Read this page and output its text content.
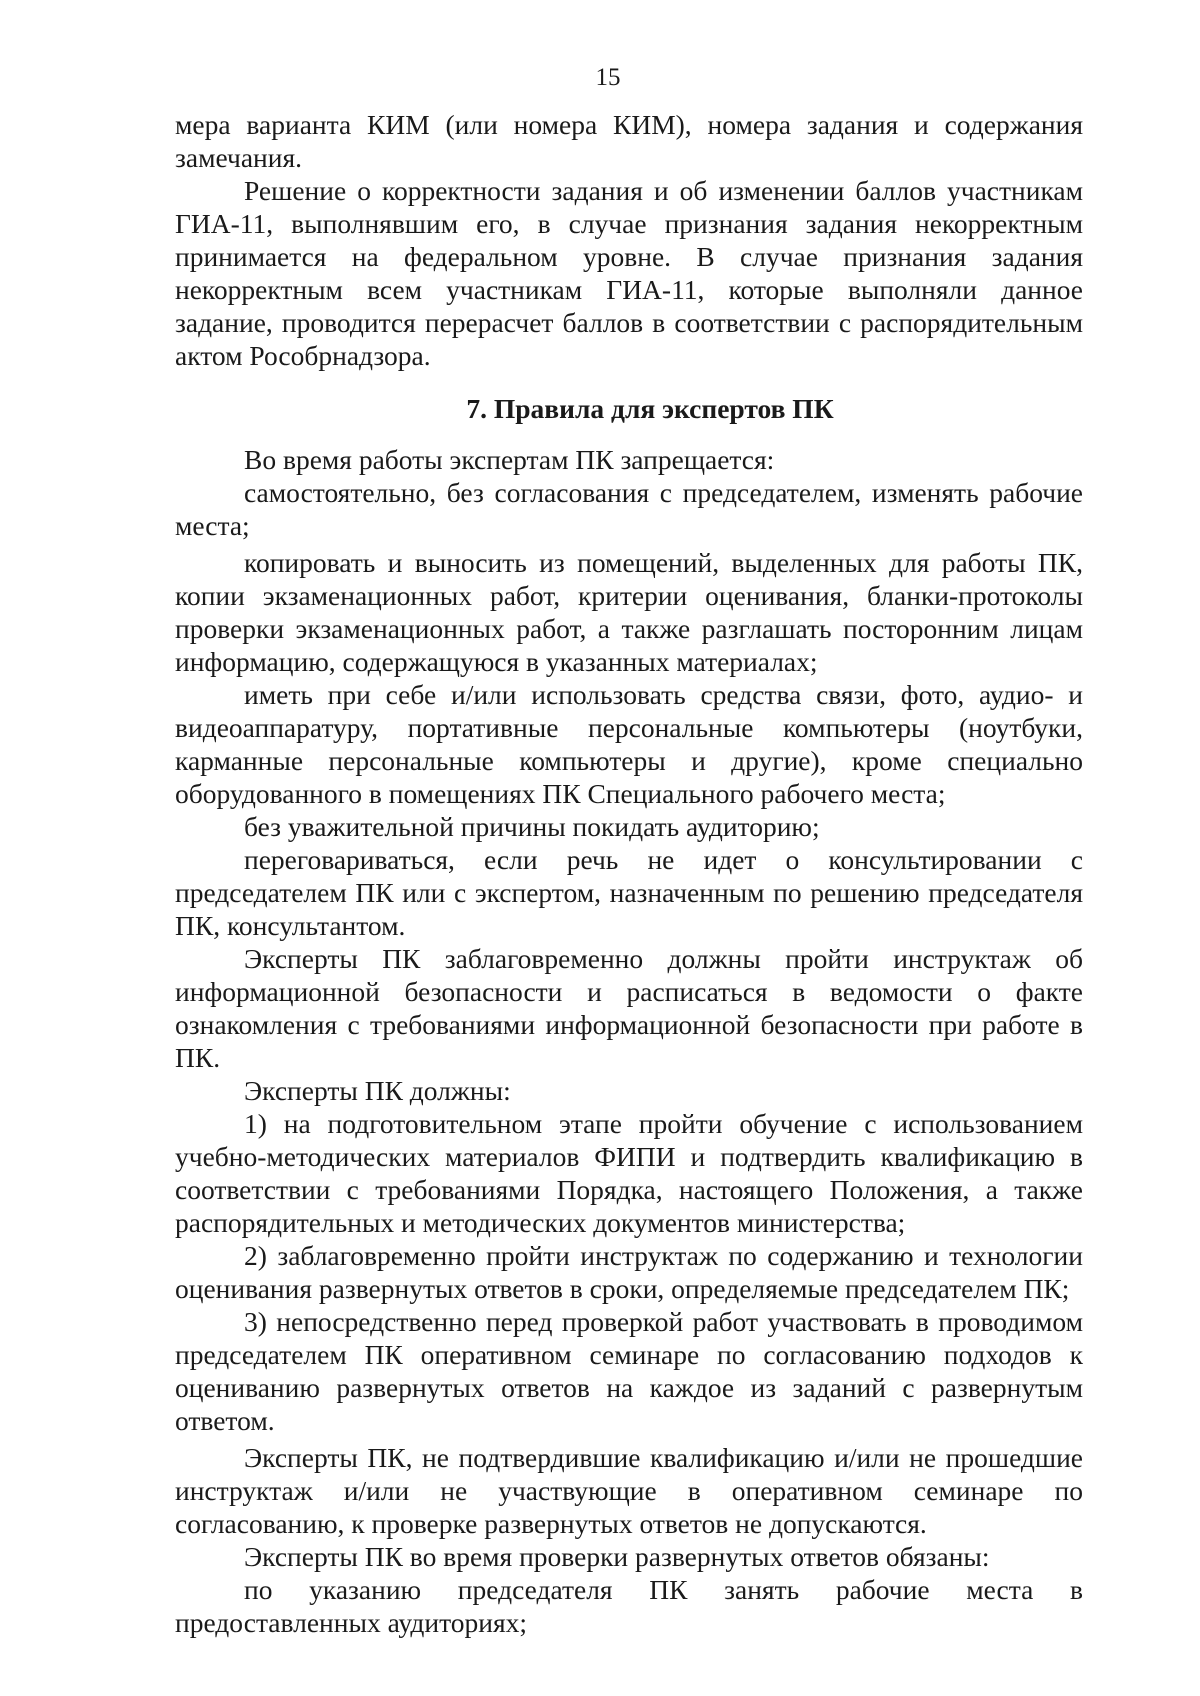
15

мера варианта КИМ (или номера КИМ), номера задания и содержания замечания.

Решение о корректности задания и об изменении баллов участникам ГИА-11, выполнявшим его, в случае признания задания некорректным принимается на федеральном уровне. В случае признания задания некорректным всем участникам ГИА-11, которые выполняли данное задание, проводится перерасчет баллов в соответствии с распорядительным актом Рособрнадзора.

7. Правила для экспертов ПК

Во время работы экспертам ПК запрещается:

самостоятельно, без согласования с председателем, изменять рабочие места;

копировать и выносить из помещений, выделенных для работы ПК, копии экзаменационных работ, критерии оценивания, бланки-протоколы проверки экзаменационных работ, а также разглашать посторонним лицам информацию, содержащуюся в указанных материалах;

иметь при себе и/или использовать средства связи, фото, аудио- и видеоаппаратуру, портативные персональные компьютеры (ноутбуки, карманные персональные компьютеры и другие), кроме специально оборудованного в помещениях ПК Специального рабочего места;

без уважительной причины покидать аудиторию;

переговариваться, если речь не идет о консультировании с председателем ПК или с экспертом, назначенным по решению председателя ПК, консультантом.

Эксперты ПК заблаговременно должны пройти инструктаж об информационной безопасности и расписаться в ведомости о факте ознакомления с требованиями информационной безопасности при работе в ПК.

Эксперты ПК должны:

1) на подготовительном этапе пройти обучение с использованием учебно-методических материалов ФИПИ и подтвердить квалификацию в соответствии с требованиями Порядка, настоящего Положения, а также распорядительных и методических документов министерства;

2) заблаговременно пройти инструктаж по содержанию и технологии оценивания развернутых ответов в сроки, определяемые председателем ПК;

3) непосредственно перед проверкой работ участвовать в проводимом председателем ПК оперативном семинаре по согласованию подходов к оцениванию развернутых ответов на каждое из заданий с развернутым ответом.

Эксперты ПК, не подтвердившие квалификацию и/или не прошедшие инструктаж и/или не участвующие в оперативном семинаре по согласованию, к проверке развернутых ответов не допускаются.

Эксперты ПК во время проверки развернутых ответов обязаны:

по указанию председателя ПК занять рабочие места в предоставленных аудиториях;
